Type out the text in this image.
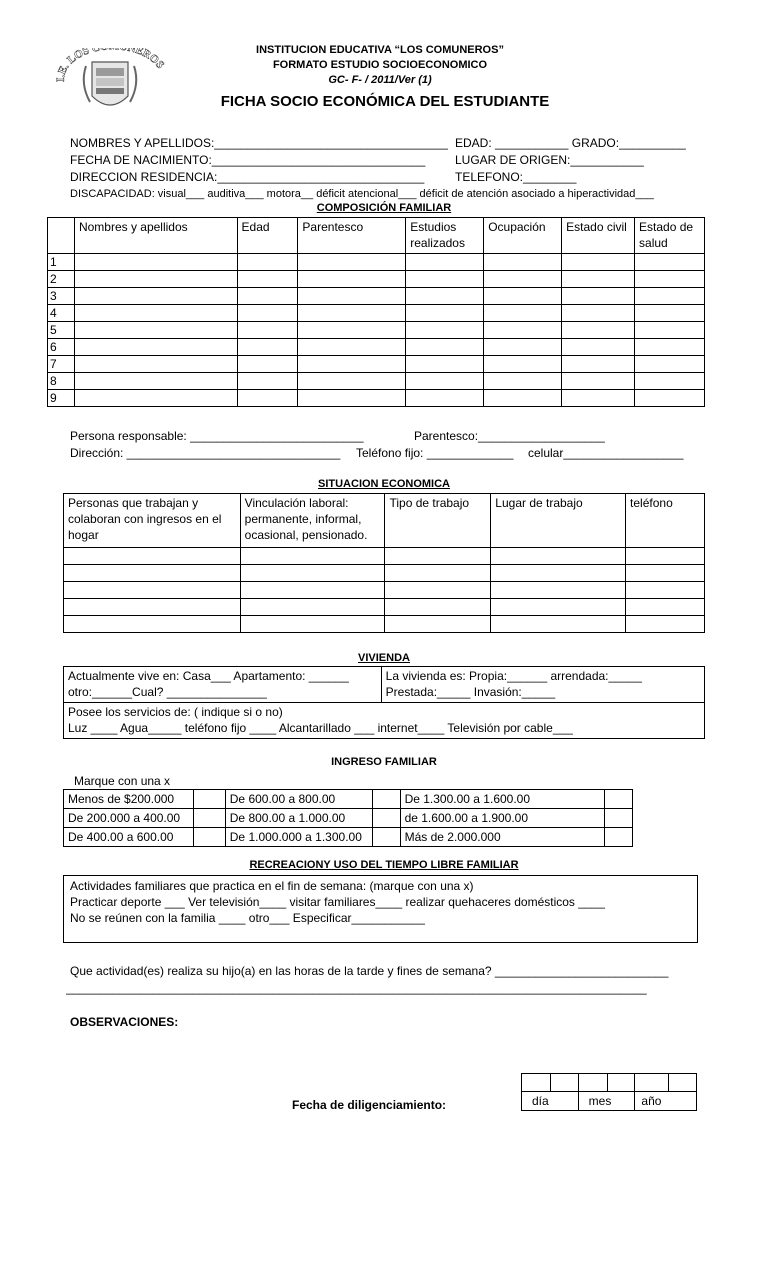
I.E. LOS C NEROS
INSTITUCION EDUCATIVA “LOS COMUNEROS”
FORMATO ESTUDIO SOCIOECONOMICO
GC- F- / 2011/Ver (1)
FICHA SOCIO ECONÓMICA DEL ESTUDIANTE
NOMBRES Y APELLIDOS:___________________________________ EDAD: ___________ GRADO:__________
FECHA DE NACIMIENTO:________________________________ LUGAR DE ORIGEN:___________
DIRECCION RESIDENCIA:_______________________________	TELEFONO:________
DISCAPACIDAD: visual___ auditiva___ motora__ déficit atencional___ déficit de atención asociado a hiperactividad___
COMPOSICIÓN FAMILIAR
	Nombres y apellidos	Edad	Parentesco	Estudios realizados	Ocupación	Estado civil	Estado de salud
1							
2							
3							
4							
5							
6							
7							
8							
9							
Persona responsable: __________________________	Parentesco:___________________
Dirección: ________________________________ Teléfono fijo: _____________ celular__________________
SITUACION ECONOMICA
Personas que trabajan y colaboran con ingresos en el hogar	Vinculación laboral: permanente, informal, ocasional, pensionado.	Tipo de trabajo	Lugar de trabajo	teléfono

VIVIENDA
Actualmente vive en: Casa___ Apartamento: ______
otro:______Cual? _______________

La vivienda es: Propia:______ arrendada:_____
Prestada:_____ Invasión:_____

Posee los servicios de: ( indique si o no)
Luz ____ Agua_____ teléfono fijo ____ Alcantarillado ___ internet____ Televisión por cable___
INGRESO FAMILIAR
Marque con una x
Menos de $200.000		De 600.00 a 800.00		De 1.300.00 a 1.600.00	
De 200.000 a 400.00		De 800.00 a 1.000.00		de 1.600.00 a 1.900.00	
De 400.00 a 600.00		De 1.000.000 a 1.300.00		Más de 2.000.000	
RECREACIONY USO DEL TIEMPO LIBRE FAMILIAR
Actividades familiares que practica en el fin de semana: (marque con una x)
Practicar deporte ___ Ver televisión____ visitar familiares____ realizar quehaceres domésticos ____
No se reúnen con la familia ____ otro___ Especificar___________
Que actividad(es) realiza su hijo(a) en las horas de la tarde y fines de semana? __________________________
_______________________________________________________________________________________
OBSERVACIONES:
Fecha de diligenciamiento:
						día		mes		año	
